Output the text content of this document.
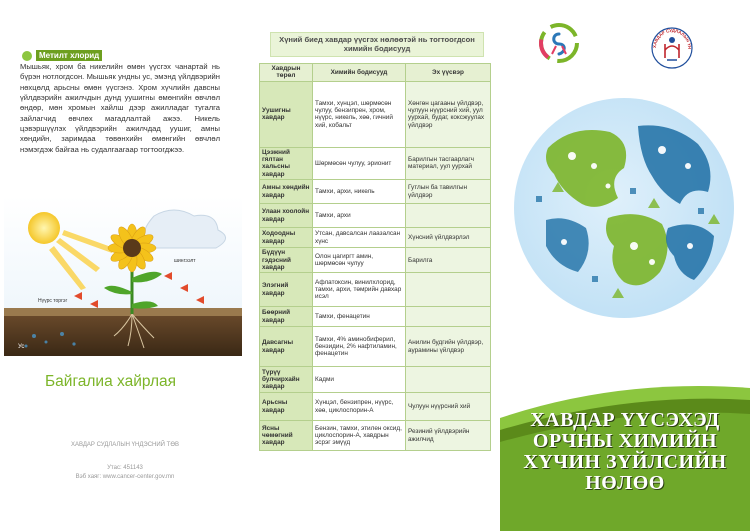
Метилт хлорид
Мышьяк, хром ба никелийн өмөн үүсгэх чанартай нь бүрэн нотлогдсон. Мышьяк ундны ус, эмэнд үйлдвэрийн нөхцөлд арьсны өмөн үүсгэнэ. Хром хүчлийн давсны үйлдвэрийн ажилчдын дунд уушигны өмөнгийн өвчлөл өндөр, мөн хромын хайлш дээр ажилладаг тугалга зайлагчид өвчлөх магадлалтай ажээ. Никель цэвэршүүлэх үйлдвэрийн ажилчдад уушиг, амны хөндийн, заримдаа төвөнхийн өмөнгийн өвчлөл нэмэгдэж байгаа нь судалгаагаар тогтоогджээ.
Нүүрс торгэг
Ус
шингээлт
Байгалиа хайрлая
ХАВДАР СУДЛАЛЫН ҮНДЭСНИЙ ТӨВ
Утас: 451143
Вэб хаяг: www.cancer-center.gov.mn
Хүний биед хавдар үүсгэх нөлөөтэй нь тогтоогдсон химийн бодисууд
Хавдрын төрөл	Химийн бодисууд	Эх үүсвэр
Уушигны хавдар	Тамхи, хүнцэл, шөрмөсөн чулуу, бензипрен, хром, нүүрс, никель, хөө, гичний хий, кобальт	Хөнгөн цагааны үйлдвэр, чулуун нүүрсний хий, уул уурхай, будаг, коксжуулах үйлдвэр
Цээжний гялтан хальсны хавдар	Шөрмөсөн чулуу, эрионит	Барилгын тасгаарлагч материал, уул уурхай
Амны хөндийн хавдар	Тамхи, архи, никель	Гутлын ба тавилгын үйлдвэр
Улаан хоолойн хавдар	Тамхи, архи	
Ходоодны хавдар	Утсан, давсалсан лаазалсан хүнс	Хүнсний үйлдвэрлэл
Бүдүүн гэдэсний хавдар	Олон цагиргт амин, шөрмөсөн чулуу	Барилга
Элэгний хавдар	Афлатоксин, винилхлорид, тамхи, архи, төмрийн давхар исэл	
Бөөрний хавдар	Тамхи, фенацетин	
Давсагны хавдар	Тамхи, 4% аминобиферил, бензидин, 2% нафтиламин, фенацетин	Анилин будгийн үйлдвэр, аурамины үйлдвэр
Түрүү булчирхайн хавдар	Кадми	
Арьсны хавдар	Хүнцэл, бензипрен, нүүрс, хөө, циклоспорин-А	Чулуун нүүрсний хий
Ясны чөмөгний хавдар	Бензин, тамхи, этилен оксид, циклоспорин-А, хавдрын эсрэг эмүүд	Резиний үйлдвэрийн ажилчид
ХАВДАР СУДЛАЛЫН ҮН
ХАВДАР ҮҮСЭХЭД
ОРЧНЫ ХИМИЙН
ХҮЧИН ЗҮЙЛСИЙН
НӨЛӨӨ
